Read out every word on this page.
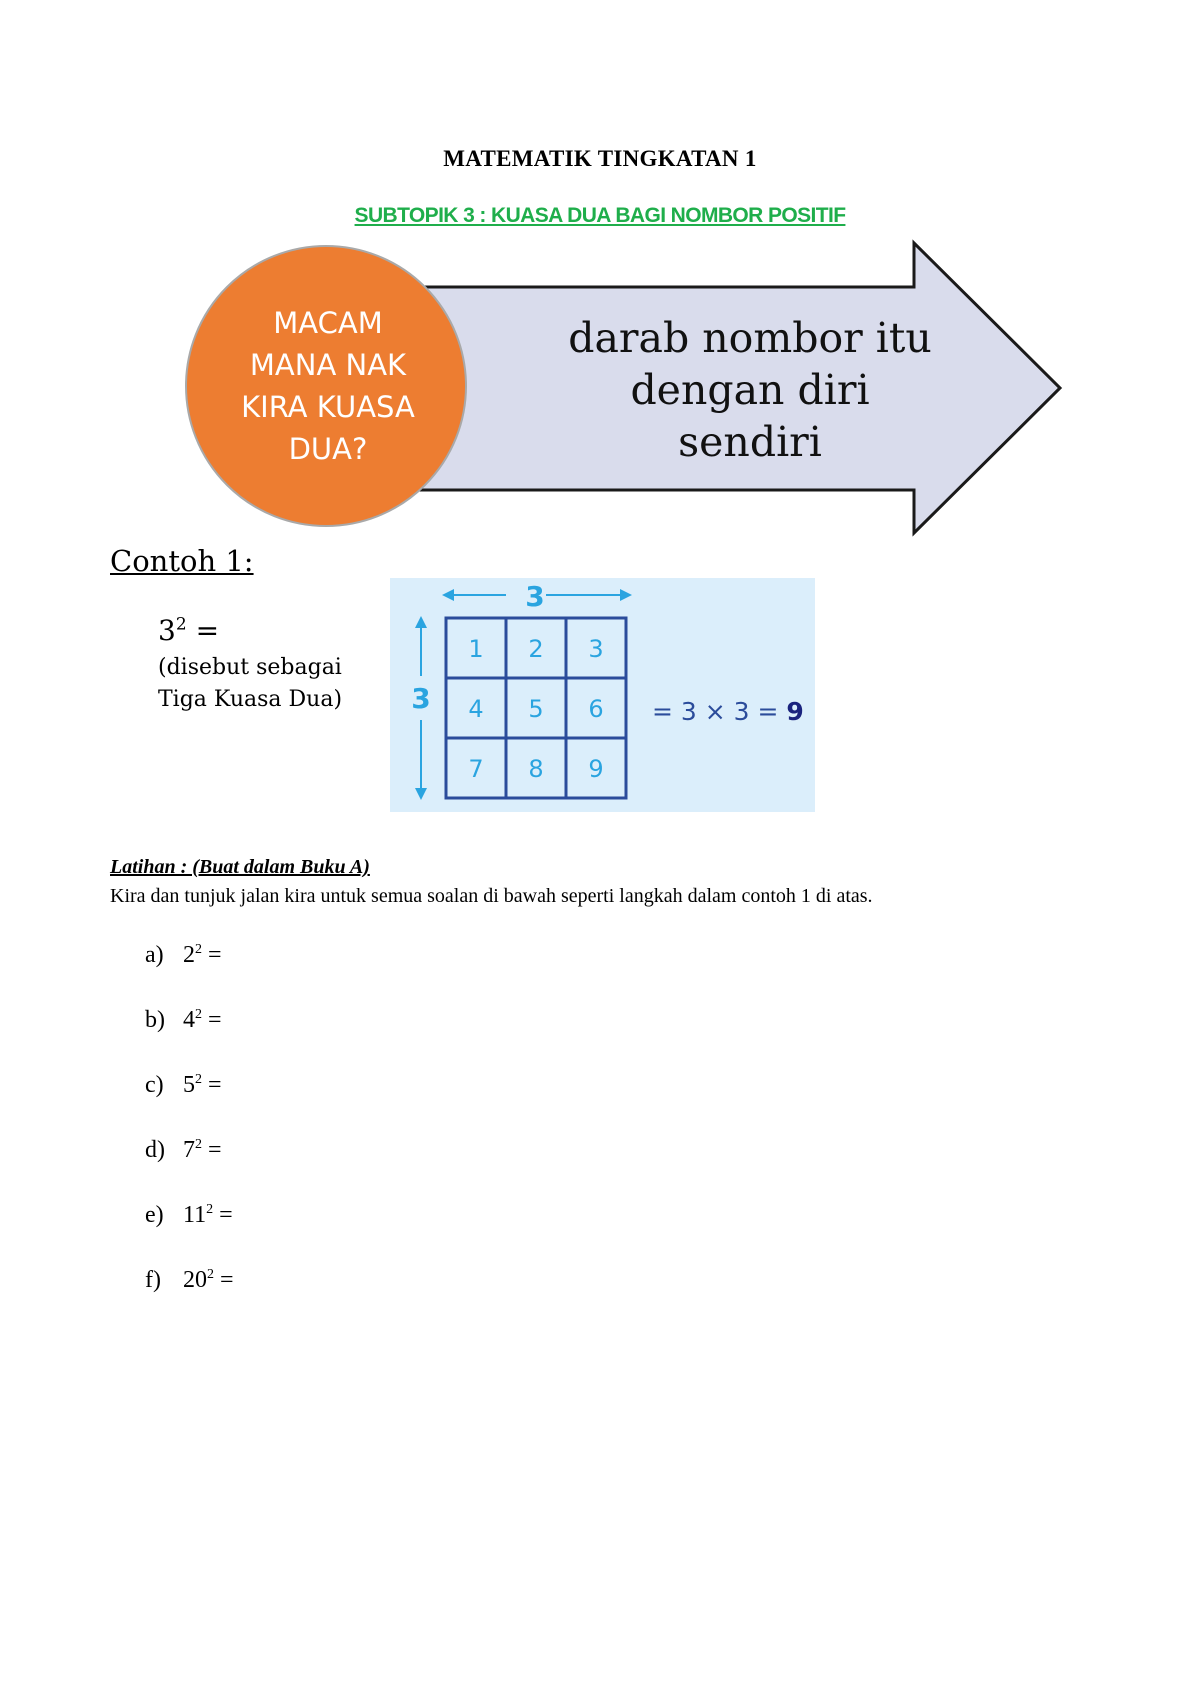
MATEMATIK TINGKATAN 1
SUBTOPIK 3 : KUASA DUA BAGI NOMBOR POSITIF
MACAM
MANA NAK
KIRA KUASA
DUA?
darab nombor itu
dengan diri
sendiri
Contoh 1:
$3^2$ =
(disebut sebagai
Tiga Kuasa Dua)
3
3
1 2 3
4 5 6
7 8 9
= 3 × 3 = 9
Latihan : (Buat dalam Buku A)
Kira dan tunjuk jalan kira untuk semua soalan di bawah seperti langkah dalam contoh 1 di atas.
a) $2^2$ =
b) $4^2$ =
c) $5^2$ =
d) $7^2$ =
e) $11^2$ =
f) $20^2$ =
